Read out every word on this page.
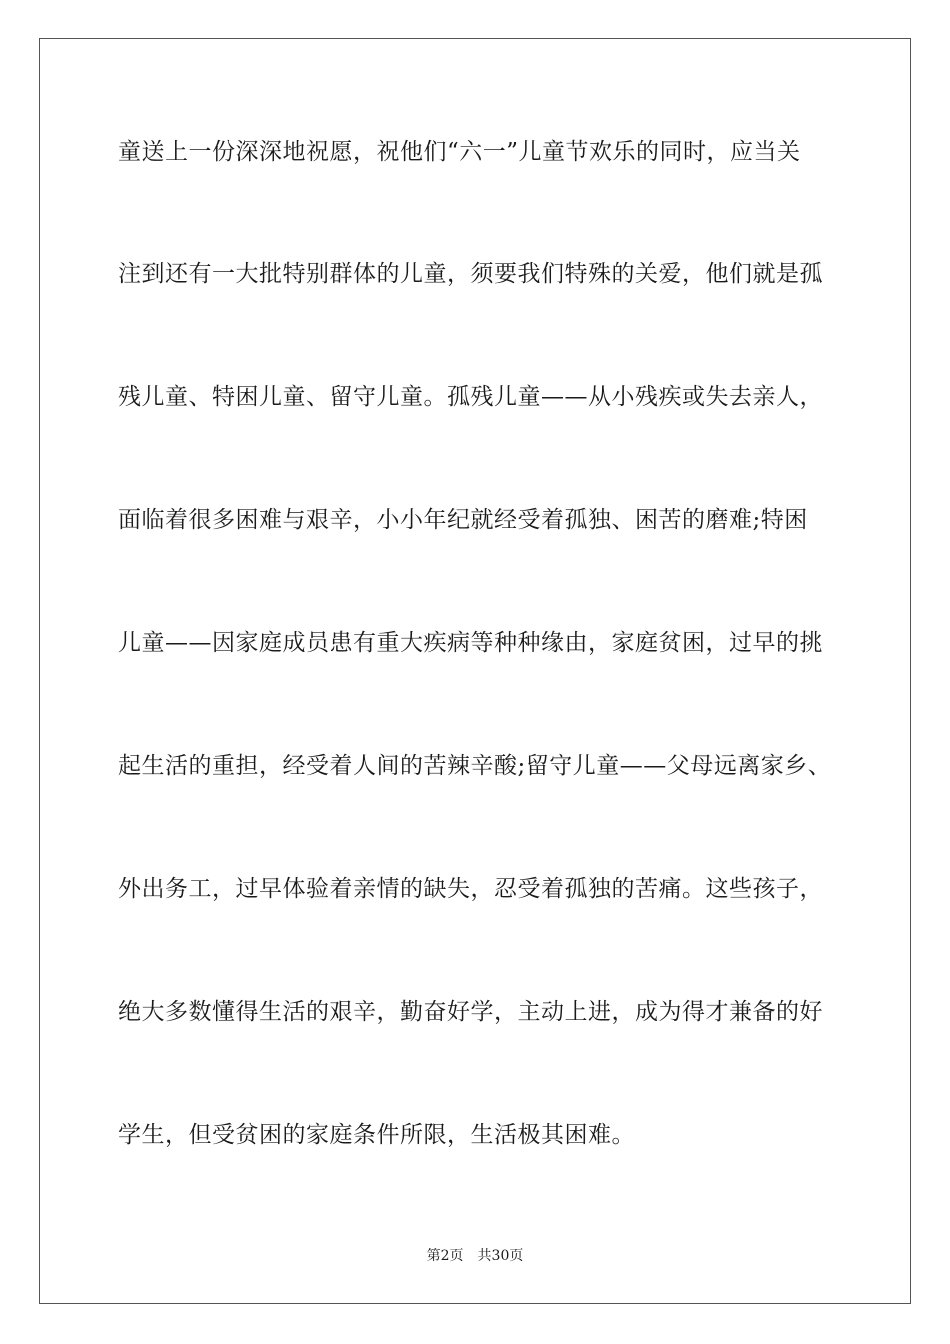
童送上一份深深地祝愿，祝他们“六一”儿童节欢乐的同时，应当关
注到还有一大批特别群体的儿童，须要我们特殊的关爱，他们就是孤
残儿童、特困儿童、留守儿童。孤残儿童——从小残疾或失去亲人，
面临着很多困难与艰辛，小小年纪就经受着孤独、困苦的磨难;特困
儿童——因家庭成员患有重大疾病等种种缘由，家庭贫困，过早的挑
起生活的重担，经受着人间的苦辣辛酸;留守儿童——父母远离家乡、
外出务工，过早体验着亲情的缺失，忍受着孤独的苦痛。这些孩子，
绝大多数懂得生活的艰辛，勤奋好学，主动上进，成为得才兼备的好
学生，但受贫困的家庭条件所限，生活极其困难。
第2页 共30页
